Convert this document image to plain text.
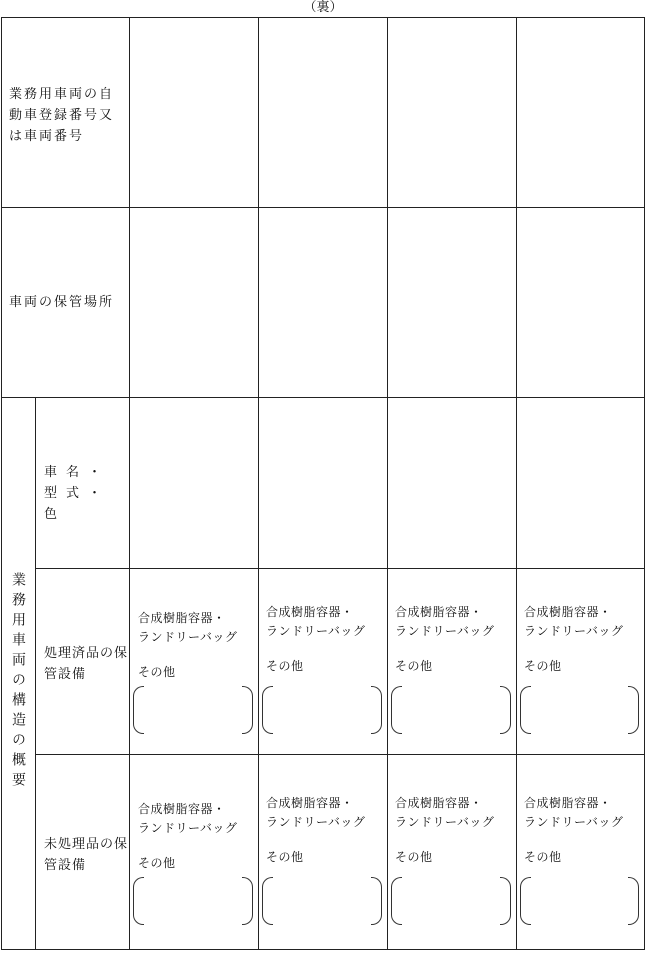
（裏）
業務用車両の自動車登録番号又は車両番号
車両の保管場所
業務用車両の構造の概要
車名・型式・色
処理済品の保管設備
未処理品の保管設備
合成樹脂容器・
ランドリーバッグ
その他
合成樹脂容器・
ランドリーバッグ
その他
合成樹脂容器・
ランドリーバッグ
その他
合成樹脂容器・
ランドリーバッグ
その他
合成樹脂容器・
ランドリーバッグ
その他
合成樹脂容器・
ランドリーバッグ
その他
合成樹脂容器・
ランドリーバッグ
その他
合成樹脂容器・
ランドリーバッグ
その他
